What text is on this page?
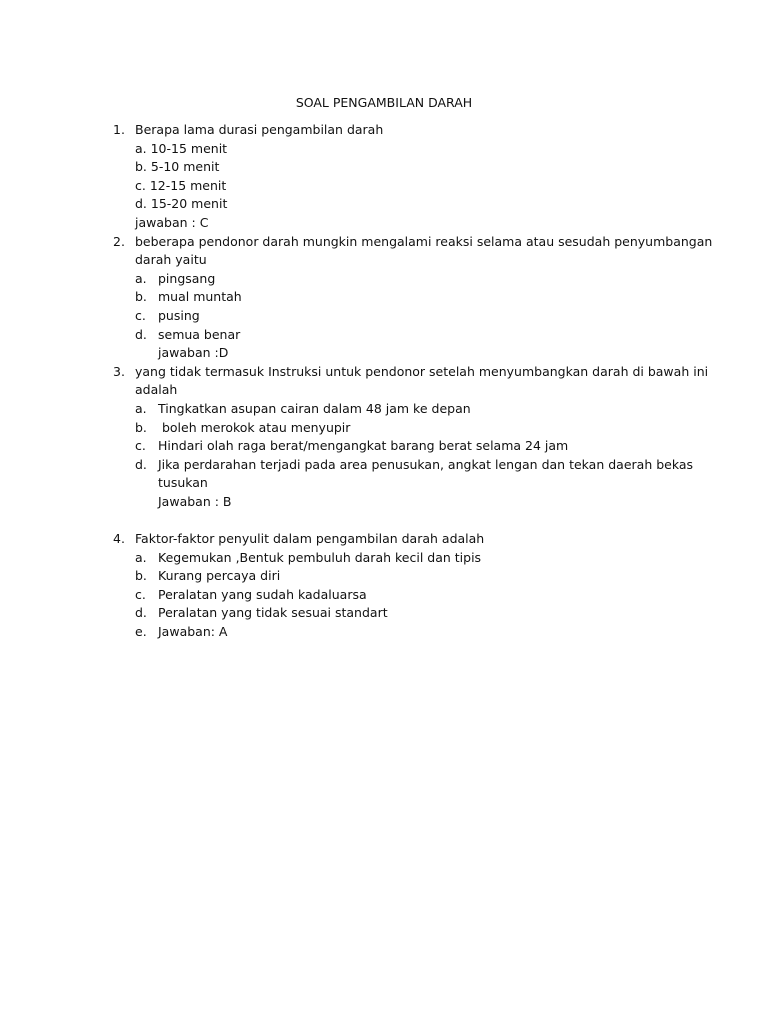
SOAL PENGAMBILAN DARAH
1. Berapa lama durasi pengambilan darah
a. 10-15 menit
b. 5-10 menit
c. 12-15 menit
d. 15-20 menit
jawaban : C
2. beberapa pendonor darah mungkin mengalami reaksi selama atau sesudah penyumbangan
darah yaitu
a. pingsang
b. mual muntah
c. pusing
d. semua benar
jawaban :D
3. yang tidak termasuk Instruksi untuk pendonor setelah menyumbangkan darah di bawah ini
adalah
a. Tingkatkan asupan cairan dalam 48 jam ke depan
b. boleh merokok atau menyupir
c. Hindari olah raga berat/mengangkat barang berat selama 24 jam
d. Jika perdarahan terjadi pada area penusukan, angkat lengan dan tekan daerah bekas
tusukan
Jawaban : B
4. Faktor-faktor penyulit dalam pengambilan darah adalah
a. Kegemukan ,Bentuk pembuluh darah kecil dan tipis
b. Kurang percaya diri
c. Peralatan yang sudah kadaluarsa
d. Peralatan yang tidak sesuai standart
e. Jawaban: A
